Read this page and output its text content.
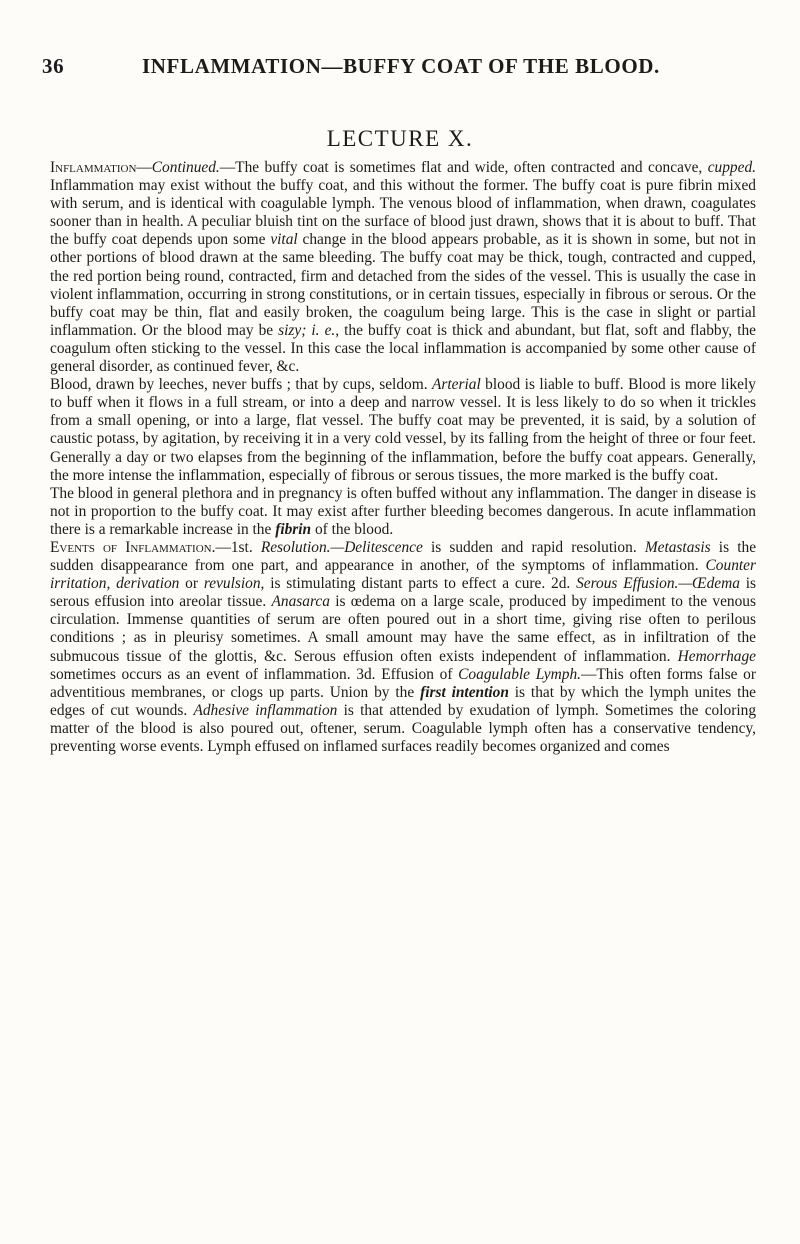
36	INFLAMMATION—BUFFY COAT OF THE BLOOD.
LECTURE X.

Inflammation—Continued.—The buffy coat is sometimes flat and wide, often contracted and concave, cupped. Inflammation may exist without the buffy coat, and this without the former. The buffy coat is pure fibrin mixed with serum, and is identical with coagulable lymph. The venous blood of inflammation, when drawn, coagulates sooner than in health. A peculiar bluish tint on the surface of blood just drawn, shows that it is about to buff. That the buffy coat depends upon some vital change in the blood appears probable, as it is shown in some, but not in other portions of blood drawn at the same bleeding. The buffy coat may be thick, tough, contracted and cupped, the red portion being round, contracted, firm and detached from the sides of the vessel. This is usually the case in violent inflammation, occurring in strong constitutions, or in certain tissues, especially in fibrous or serous. Or the buffy coat may be thin, flat and easily broken, the coagulum being large. This is the case in slight or partial inflammation. Or the blood may be sizy; i. e., the buffy coat is thick and abundant, but flat, soft and flabby, the coagulum often sticking to the vessel. In this case the local inflammation is accompanied by some other cause of general disorder, as continued fever, &c.

Blood, drawn by leeches, never buffs ; that by cups, seldom. Arterial blood is liable to buff. Blood is more likely to buff when it flows in a full stream, or into a deep and narrow vessel. It is less likely to do so when it trickles from a small opening, or into a large, flat vessel. The buffy coat may be prevented, it is said, by a solution of caustic potass, by agitation, by receiving it in a very cold vessel, by its falling from the height of three or four feet. Generally a day or two elapses from the beginning of the inflammation, before the buffy coat appears. Generally, the more intense the inflammation, especially of fibrous or serous tissues, the more marked is the buffy coat.

The blood in general plethora and in pregnancy is often buffed without any inflammation. The danger in disease is not in proportion to the buffy coat. It may exist after further bleeding becomes dangerous. In acute inflammation there is a remarkable increase in the fibrin of the blood.

Events of Inflammation.—1st. Resolution.—Delitescence is sudden and rapid resolution. Metastasis is the sudden disappearance from one part, and appearance in another, of the symptoms of inflammation. Counter irritation, derivation or revulsion, is stimulating distant parts to effect a cure. 2d. Serous Effusion.—Œdema is serous effusion into areolar tissue. Anasarca is œdema on a large scale, produced by impediment to the venous circulation. Immense quantities of serum are often poured out in a short time, giving rise often to perilous conditions ; as in pleurisy sometimes. A small amount may have the same effect, as in infiltration of the submucous tissue of the glottis, &c. Serous effusion often exists independent of inflammation. Hemorrhage sometimes occurs as an event of inflammation. 3d. Effusion of Coagulable Lymph.—This often forms false or adventitious membranes, or clogs up parts. Union by the first intention is that by which the lymph unites the edges of cut wounds. Adhesive inflammation is that attended by exudation of lymph. Sometimes the coloring matter of the blood is also poured out, oftener, serum. Coagulable lymph often has a conservative tendency, preventing worse events. Lymph effused on inflamed surfaces readily becomes organized and comes
